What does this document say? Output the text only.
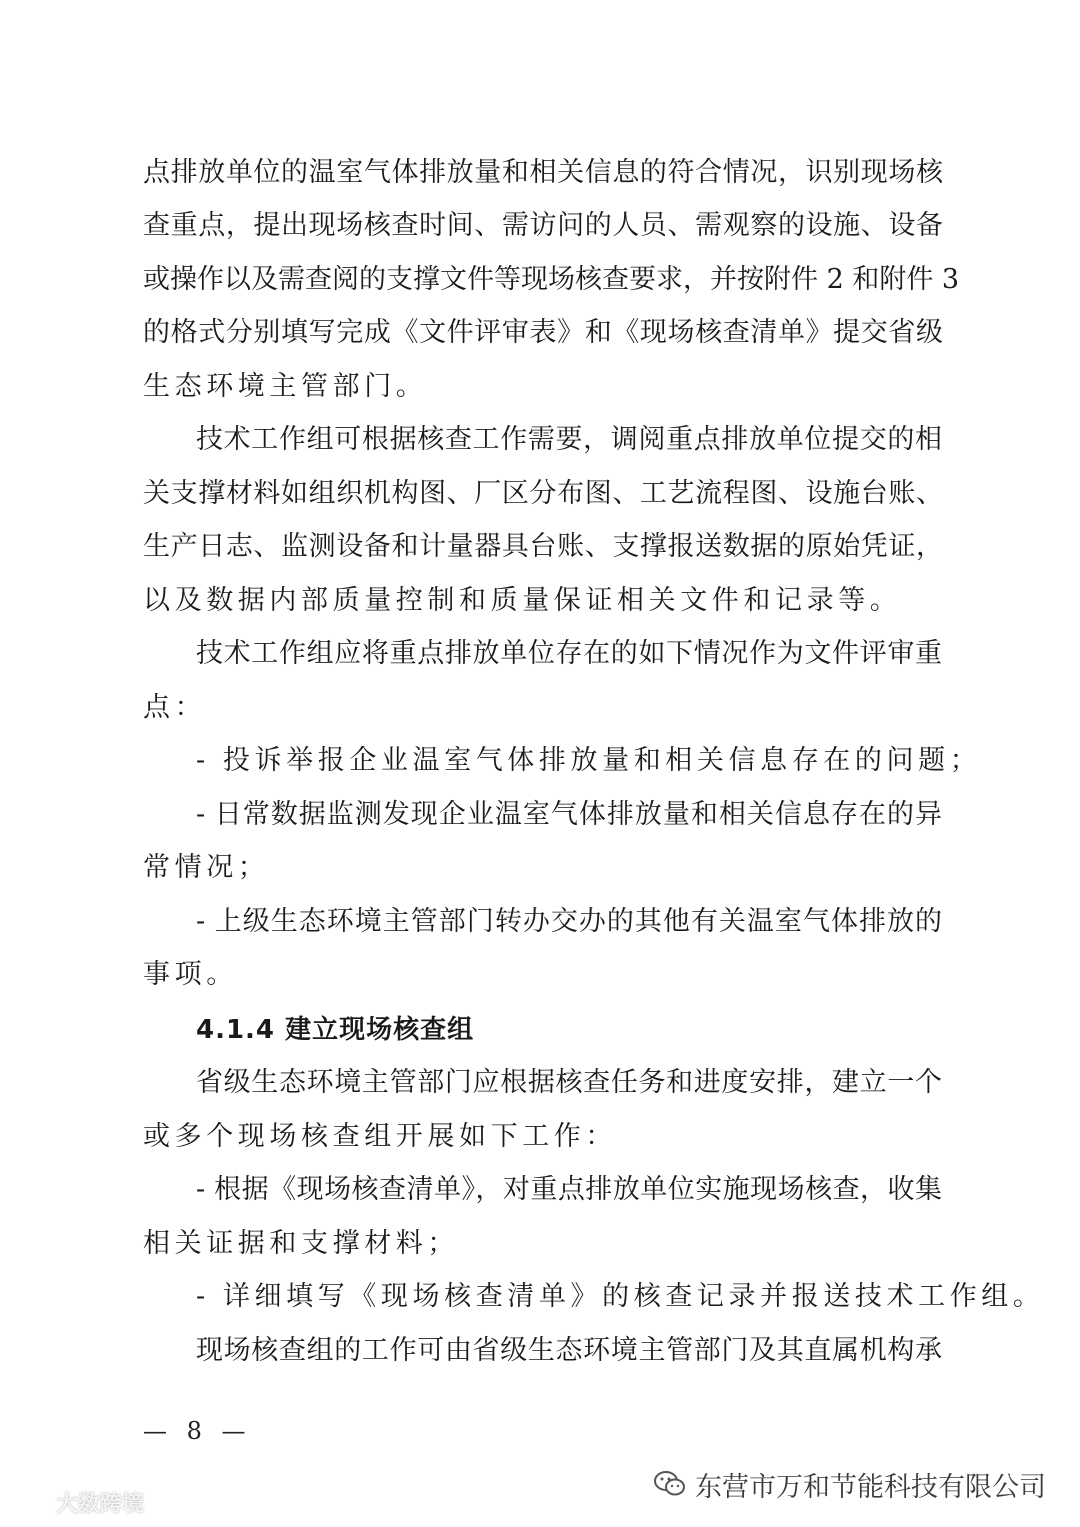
点排放单位的温室气体排放量和相关信息的符合情况，识别现场核
查重点，提出现场核查时间、需访问的人员、需观察的设施、设备
或操作以及需查阅的支撑文件等现场核查要求，并按附件 2 和附件 3
的格式分别填写完成《文件评审表》和《现场核查清单》提交省级
生态环境主管部门。
技术工作组可根据核查工作需要，调阅重点排放单位提交的相
关支撑材料如组织机构图、厂区分布图、工艺流程图、设施台账、
生产日志、监测设备和计量器具台账、支撑报送数据的原始凭证，
以及数据内部质量控制和质量保证相关文件和记录等。
技术工作组应将重点排放单位存在的如下情况作为文件评审重
点：
- 投诉举报企业温室气体排放量和相关信息存在的问题；
- 日常数据监测发现企业温室气体排放量和相关信息存在的异
常情况；
- 上级生态环境主管部门转办交办的其他有关温室气体排放的
事项。
4.1.4 建立现场核查组
省级生态环境主管部门应根据核查任务和进度安排，建立一个
或多个现场核查组开展如下工作：
- 根据《现场核查清单》，对重点排放单位实施现场核查，收集
相关证据和支撑材料；
- 详细填写《现场核查清单》的核查记录并报送技术工作组。
现场核查组的工作可由省级生态环境主管部门及其直属机构承
— 8 —
东营市万和节能科技有限公司
大数跨境
